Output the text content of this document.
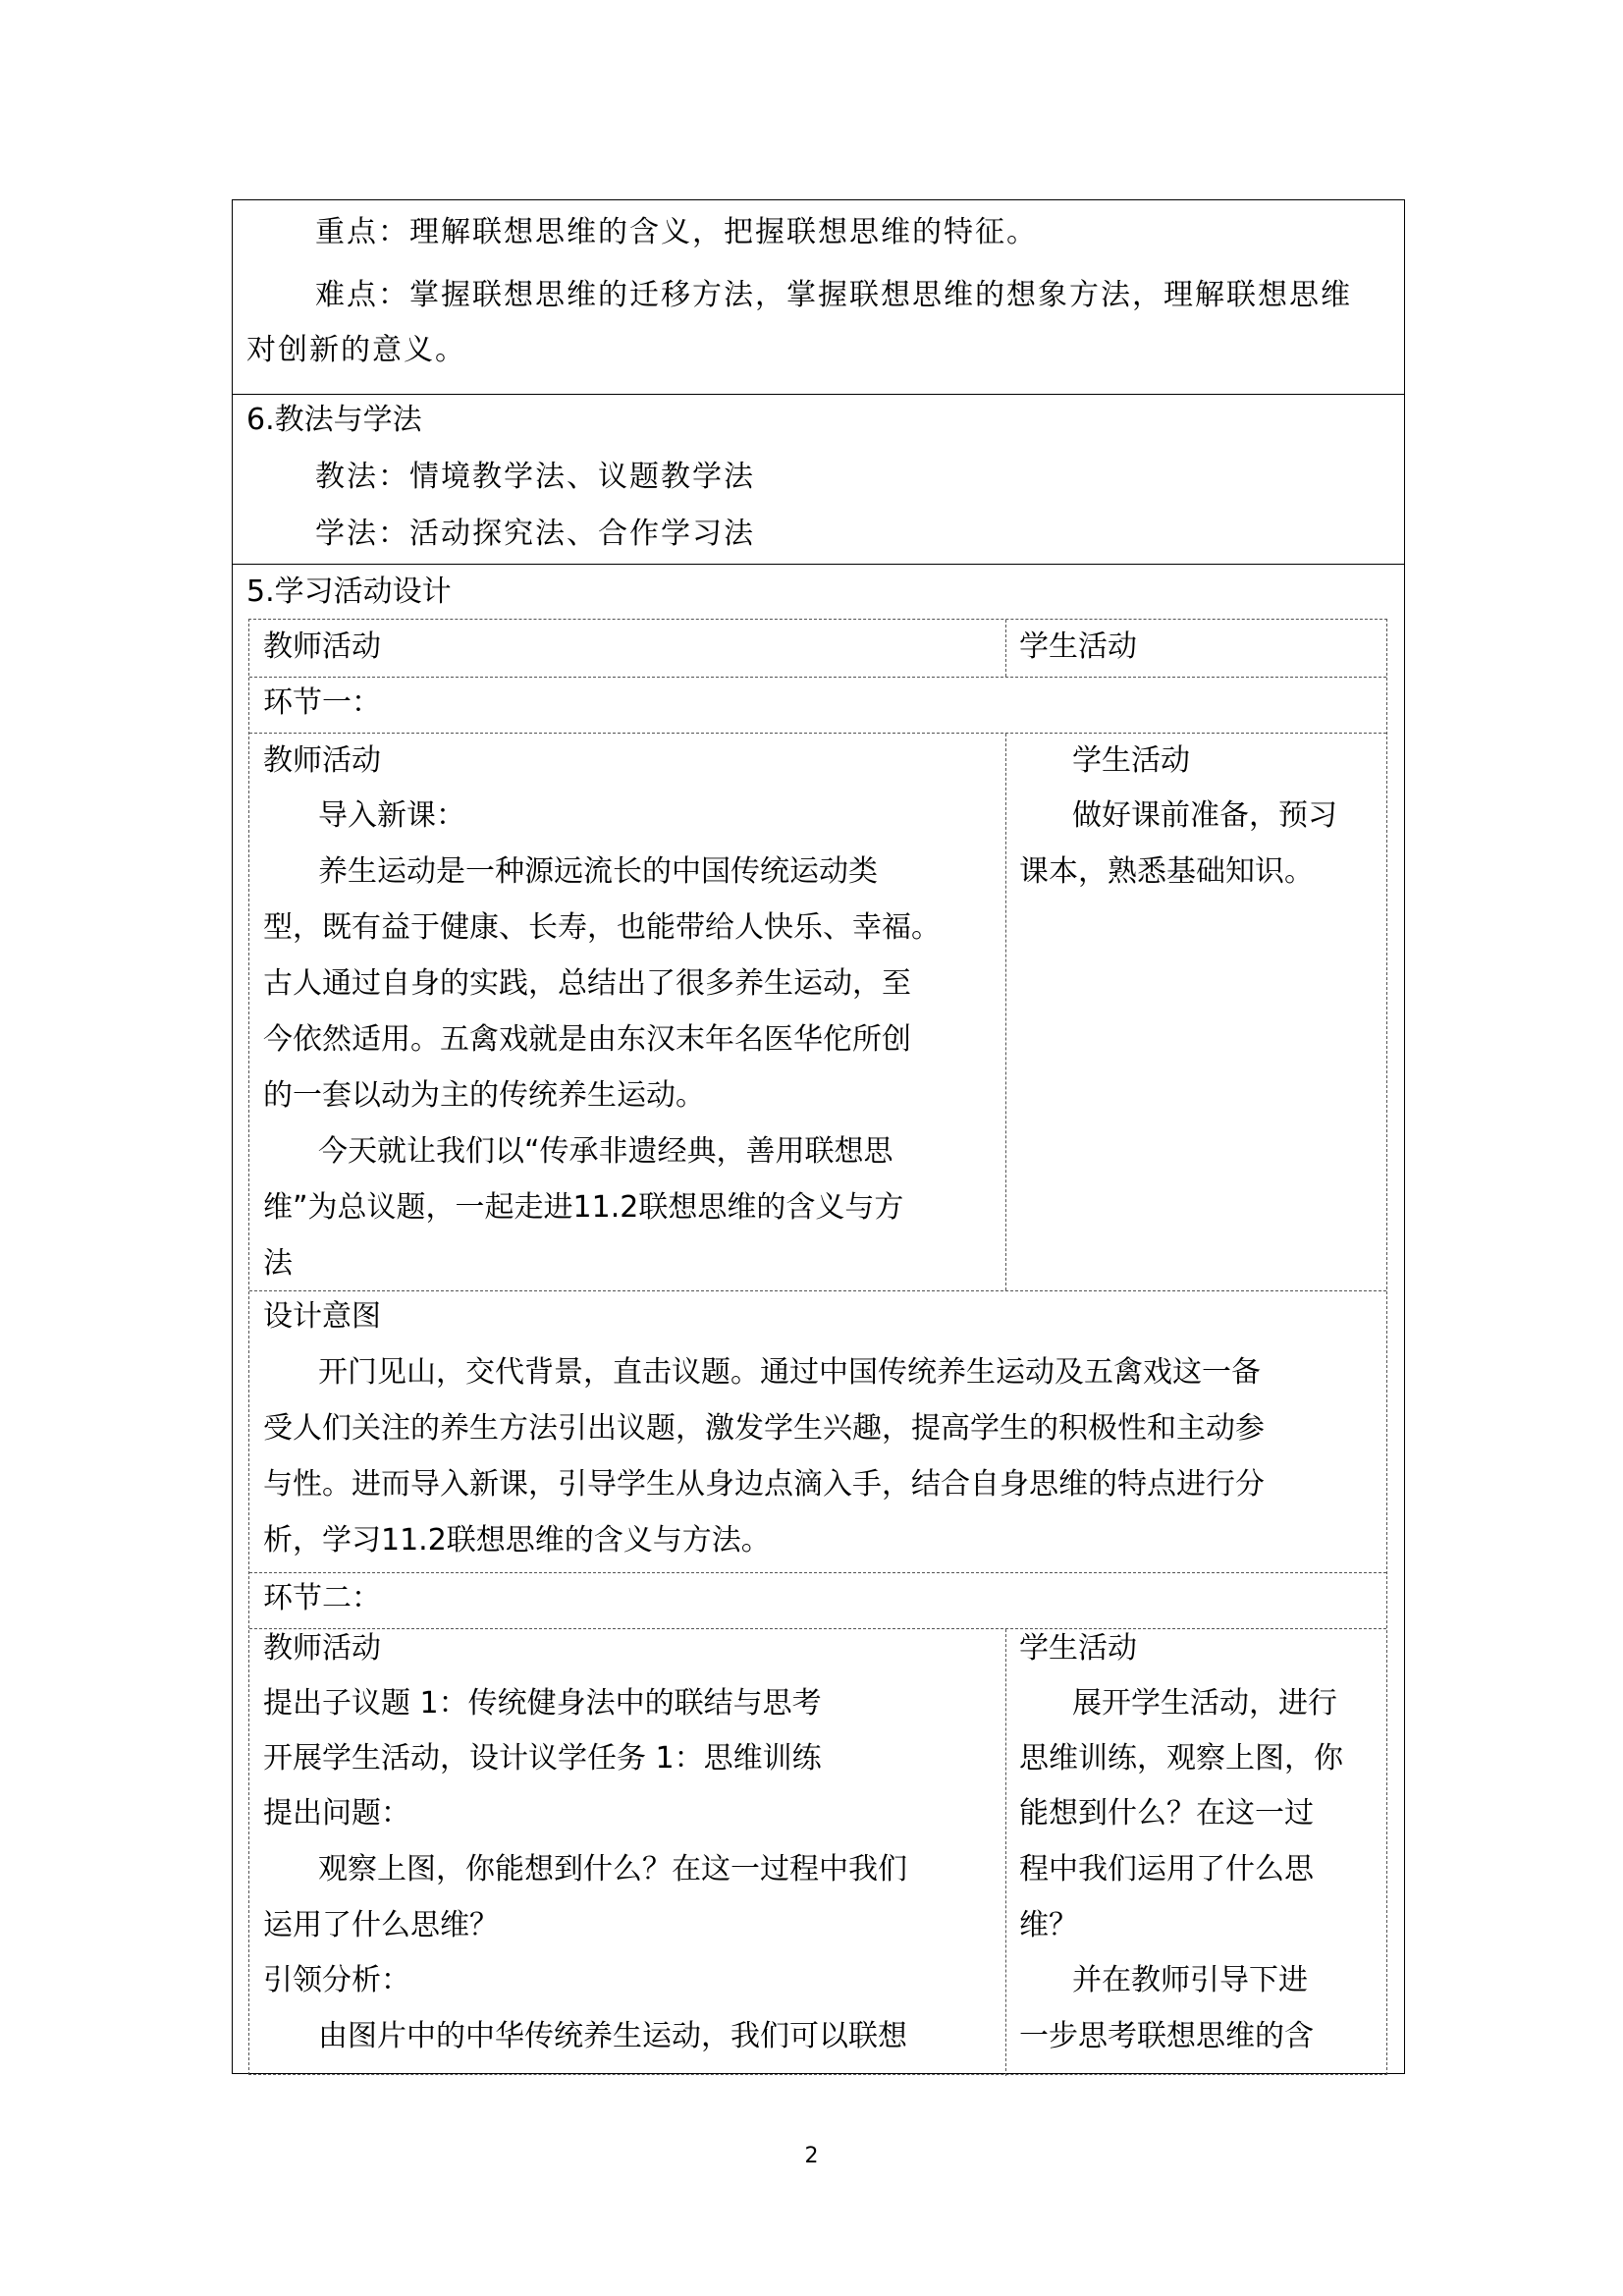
重点：理解联想思维的含义，把握联想思维的特征。
难点：掌握联想思维的迁移方法，掌握联想思维的想象方法，理解联想思维
对创新的意义。
6.教法与学法
教法：情境教学法、议题教学法
学法：活动探究法、合作学习法
5.学习活动设计
教师活动	学生活动
环节一：
教师活动
导入新课：
养生运动是一种源远流长的中国传统运动类
型，既有益于健康、长寿，也能带给人快乐、幸福。
古人通过自身的实践，总结出了很多养生运动，至
今依然适用。五禽戏就是由东汉末年名医华佗所创
的一套以动为主的传统养生运动。
今天就让我们以“传承非遗经典，善用联想思
维”为总议题，一起走进11.2联想思维的含义与方
法
学生活动
做好课前准备，预习
课本，熟悉基础知识。
设计意图
开门见山，交代背景，直击议题。通过中国传统养生运动及五禽戏这一备
受人们关注的养生方法引出议题，激发学生兴趣，提高学生的积极性和主动参
与性。进而导入新课，引导学生从身边点滴入手，结合自身思维的特点进行分
析，学习11.2联想思维的含义与方法。
环节二：
教师活动
提出子议题 1：传统健身法中的联结与思考
开展学生活动，设计议学任务 1：思维训练
提出问题：
观察上图，你能想到什么？在这一过程中我们
运用了什么思维？
引领分析：
由图片中的中华传统养生运动，我们可以联想
学生活动
展开学生活动，进行
思维训练，观察上图，你
能想到什么？在这一过
程中我们运用了什么思
维？
并在教师引导下进
一步思考联想思维的含
2
